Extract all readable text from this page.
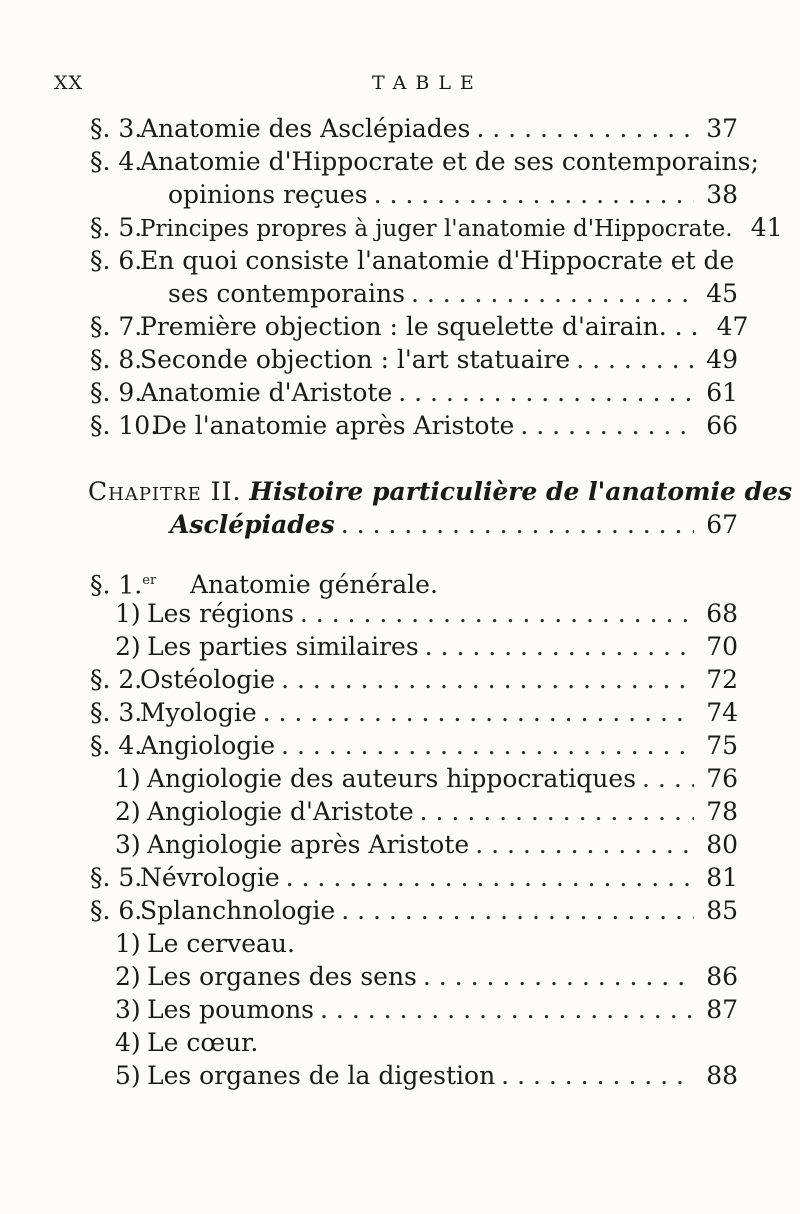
XX	TABLE
§. 3.
Anatomie des Asclépiades . . .	37
§. 4.
Anatomie d'Hippocrate et de ses contemporains;
opinions reçues . . .	38
§. 5.
Principes propres à juger l'anatomie d'Hippocrate. 41
§. 6.
En quoi consiste l'anatomie d'Hippocrate et de
ses contemporains . . .	45
§. 7.
Première objection : le squelette d'airain. . . 47
§. 8.
Seconde objection : l'art statuaire . . .	49
§. 9.
Anatomie d'Aristote . . .	61
§. 10.
De l'anatomie après Aristote . . .	66
Chapitre II. Histoire particulière de l'anatomie des
Asclépiades . . .	67
§. 1.$^{er}$	Anatomie générale.
1) Les régions . . .	68
2) Les parties similaires . . .	70
§. 2.
Ostéologie . . .	72
§. 3.
Myologie . . .	74
§. 4.
Angiologie . . .	75
1) Angiologie des auteurs hippocratiques . . .	76
2) Angiologie d'Aristote . . .	78
3) Angiologie après Aristote . . .	80
§. 5.
Névrologie . . .	81
§. 6.
Splanchnologie . . .	85
1) Le cerveau.
2) Les organes des sens . . .	86
3) Les poumons . . .	87
4) Le cœur.
5) Les organes de la digestion . . .	88
